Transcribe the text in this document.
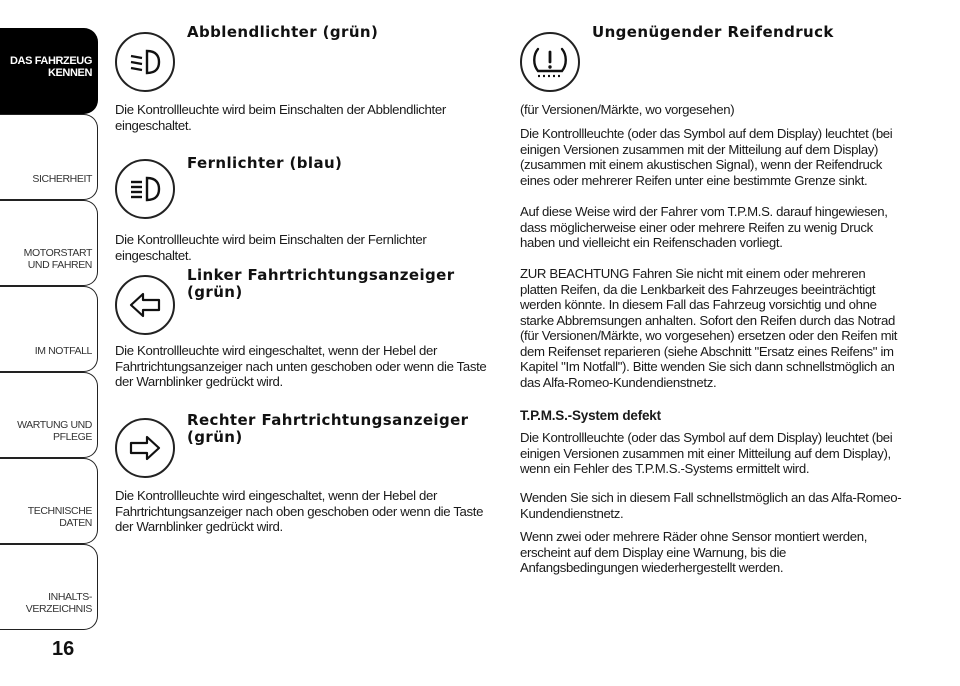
DAS FAHRZEUG KENNEN
SICHERHEIT
MOTORSTART UND FAHREN
IM NOTFALL
WARTUNG UND PFLEGE
TECHNISCHE DATEN
INHALTS- VERZEICHNIS
16
Abblendlichter (grün)

Die Kontrollleuchte wird beim Einschalten der Abblendlichter eingeschaltet.

Fernlichter (blau)

Die Kontrollleuchte wird beim Einschalten der Fernlichter eingeschaltet.

Linker Fahrtrichtungsanzeiger (grün)

Die Kontrollleuchte wird eingeschaltet, wenn der Hebel der Fahrtrichtungsanzeiger nach unten geschoben oder wenn die Taste der Warnblinker gedrückt wird.

Rechter Fahrtrichtungsanzeiger (grün)

Die Kontrollleuchte wird eingeschaltet, wenn der Hebel der Fahrtrichtungsanzeiger nach oben geschoben oder wenn die Taste der Warnblinker gedrückt wird.

Ungenügender Reifendruck

(für Versionen/Märkte, wo vorgesehen)

Die Kontrollleuchte (oder das Symbol auf dem Display) leuchtet (bei einigen Versionen zusammen mit der Mitteilung auf dem Display) (zusammen mit einem akustischen Signal), wenn der Reifendruck eines oder mehrerer Reifen unter eine bestimmte Grenze sinkt.

Auf diese Weise wird der Fahrer vom T.P.M.S. darauf hingewiesen, dass möglicherweise einer oder mehrere Reifen zu wenig Druck haben und vielleicht ein Reifenschaden vorliegt.

ZUR BEACHTUNG Fahren Sie nicht mit einem oder mehreren platten Reifen, da die Lenkbarkeit des Fahrzeuges beeinträchtigt werden könnte. In diesem Fall das Fahrzeug vorsichtig und ohne starke Abbremsungen anhalten. Sofort den Reifen durch das Notrad (für Versionen/Märkte, wo vorgesehen) ersetzen oder den Reifen mit dem Reifenset reparieren (siehe Abschnitt "Ersatz eines Reifens" im Kapitel "Im Notfall"). Bitte wenden Sie sich dann schnellstmöglich an das Alfa-Romeo-Kundendienstnetz.

T.P.M.S.-System defekt

Die Kontrollleuchte (oder das Symbol auf dem Display) leuchtet (bei einigen Versionen zusammen mit einer Mitteilung auf dem Display), wenn ein Fehler des T.P.M.S.-Systems ermittelt wird.

Wenden Sie sich in diesem Fall schnellstmöglich an das Alfa-Romeo-Kundendienstnetz.

Wenn zwei oder mehrere Räder ohne Sensor montiert werden, erscheint auf dem Display eine Warnung, bis die Anfangsbedingungen wiederhergestellt werden.
